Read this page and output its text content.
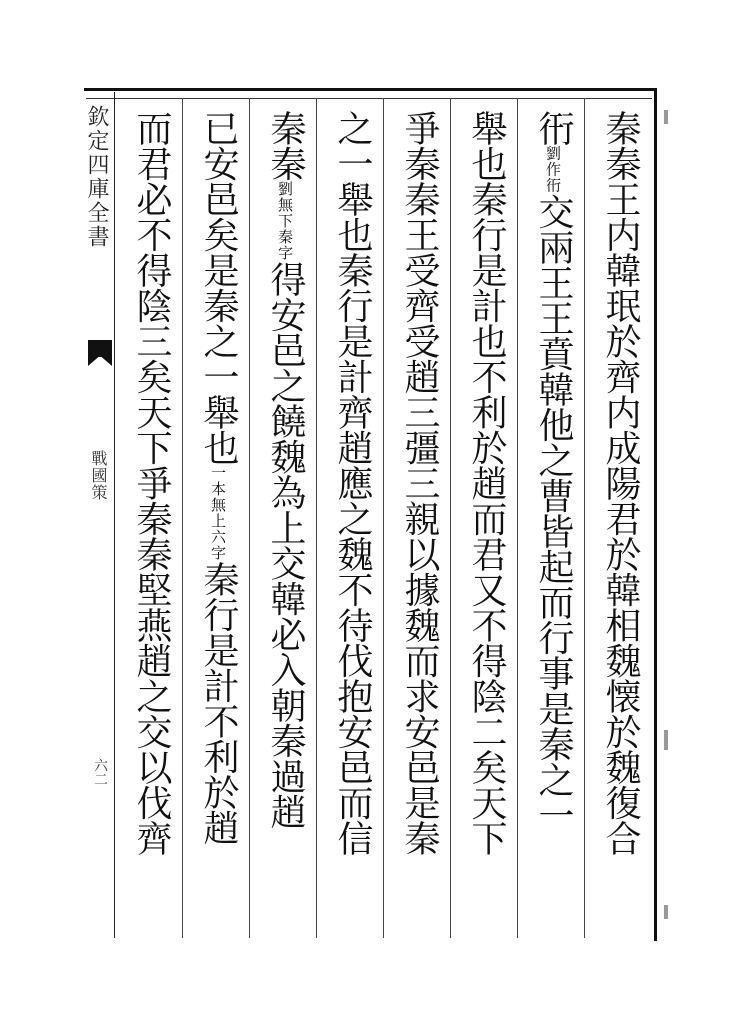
欽定四庫全書
戰國策
六二	秦秦王内韓珉於齊内成陽君於韓相魏懐於魏復合
衎劉作衎交兩王王賁韓他之曹皆起而行事是秦之一
舉也秦行是計也不利於趙而君又不得陰二矣天下
爭秦秦王受齊受趙三彊三親以據魏而求安邑是秦
之一舉也秦行是計齊趙應之魏不待伐抱安邑而信
秦秦劉無下秦字得安邑之饒魏為上交韓必入朝秦過趙
已安邑矣是秦之一舉也一本無上六字秦行是計不利於趙
而君必不得陰三矣天下爭秦秦堅燕趙之交以伐齊
